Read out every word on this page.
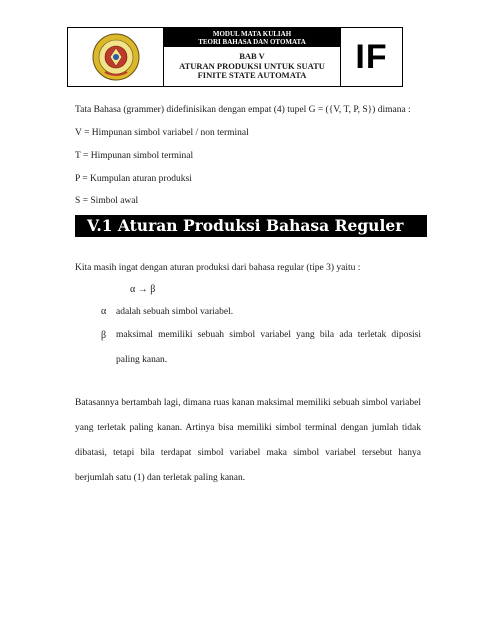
MODUL MATA KULIAH
TEORI BAHASA DAN OTOMATA
BAB V
ATURAN PRODUKSI UNTUK SUATU
FINITE STATE AUTOMATA	IF
Tata Bahasa (grammer) didefinisikan dengan empat (4) tupel G = ({V, T, P, S}) dimana :
V = Himpunan simbol variabel / non terminal
T = Himpunan simbol terminal
P = Kumpulan aturan produksi
S = Simbol awal
V.1 Aturan Produksi Bahasa Reguler
Kita masih ingat dengan aturan produksi dari bahasa regular (tipe 3) yaitu :
α → β
α adalah sebuah simbol variabel.
β maksimal memiliki sebuah simbol variabel yang bila ada terletak diposisi paling kanan.
Batasannya bertambah lagi, dimana ruas kanan maksimal memiliki sebuah simbol variabel yang terletak paling kanan. Artinya bisa memiliki simbol terminal dengan jumlah tidak dibatasi, tetapi bila terdapat simbol variabel maka simbol variabel tersebut hanya berjumlah satu (1) dan terletak paling kanan.
